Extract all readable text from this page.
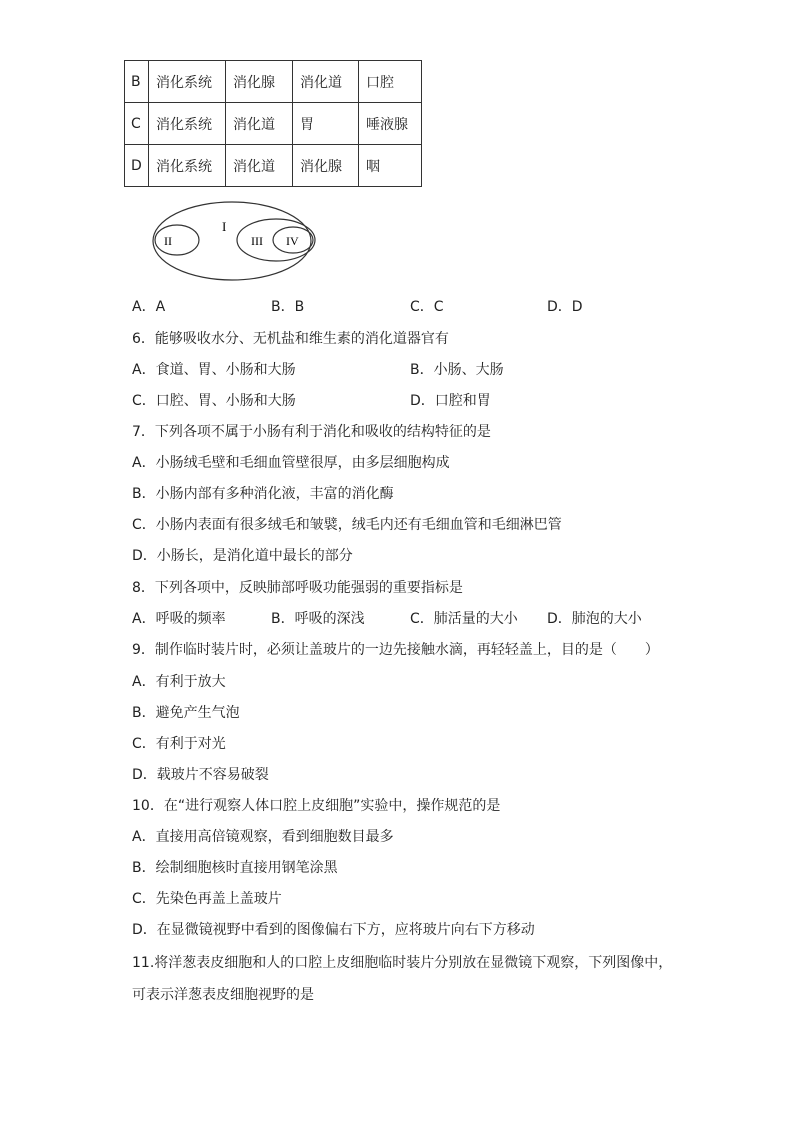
B	消化系统	消化腺	消化道	口腔
C	消化系统	消化道	胃	唾液腺
D	消化系统	消化道	消化腺	咽
I
II	III IV
A．A	B．B	C．C	D．D
6．能够吸收水分、无机盐和维生素的消化道器官有
A．食道、胃、小肠和大肠	B．小肠、大肠
C．口腔、胃、小肠和大肠	D．口腔和胃
7．下列各项不属于小肠有利于消化和吸收的结构特征的是
A．小肠绒毛壁和毛细血管壁很厚，由多层细胞构成
B．小肠内部有多种消化液，丰富的消化酶
C．小肠内表面有很多绒毛和皱襞，绒毛内还有毛细血管和毛细淋巴管
D．小肠长，是消化道中最长的部分
8．下列各项中，反映肺部呼吸功能强弱的重要指标是
A．呼吸的频率	B．呼吸的深浅	C．肺活量的大小 D．肺泡的大小
9．制作临时装片时，必须让盖玻片的一边先接触水滴，再轻轻盖上，目的是（　　）
A．有利于放大
B．避免产生气泡
C．有利于对光
D．载玻片不容易破裂
10．在“进行观察人体口腔上皮细胞”实验中，操作规范的是
A．直接用高倍镜观察，看到细胞数目最多
B．绘制细胞核时直接用钢笔涂黑
C．先染色再盖上盖玻片
D．在显微镜视野中看到的图像偏右下方，应将玻片向右下方移动
11.将洋葱表皮细胞和人的口腔上皮细胞临时装片分别放在显微镜下观察，下列图像中，
可表示洋葱表皮细胞视野的是
